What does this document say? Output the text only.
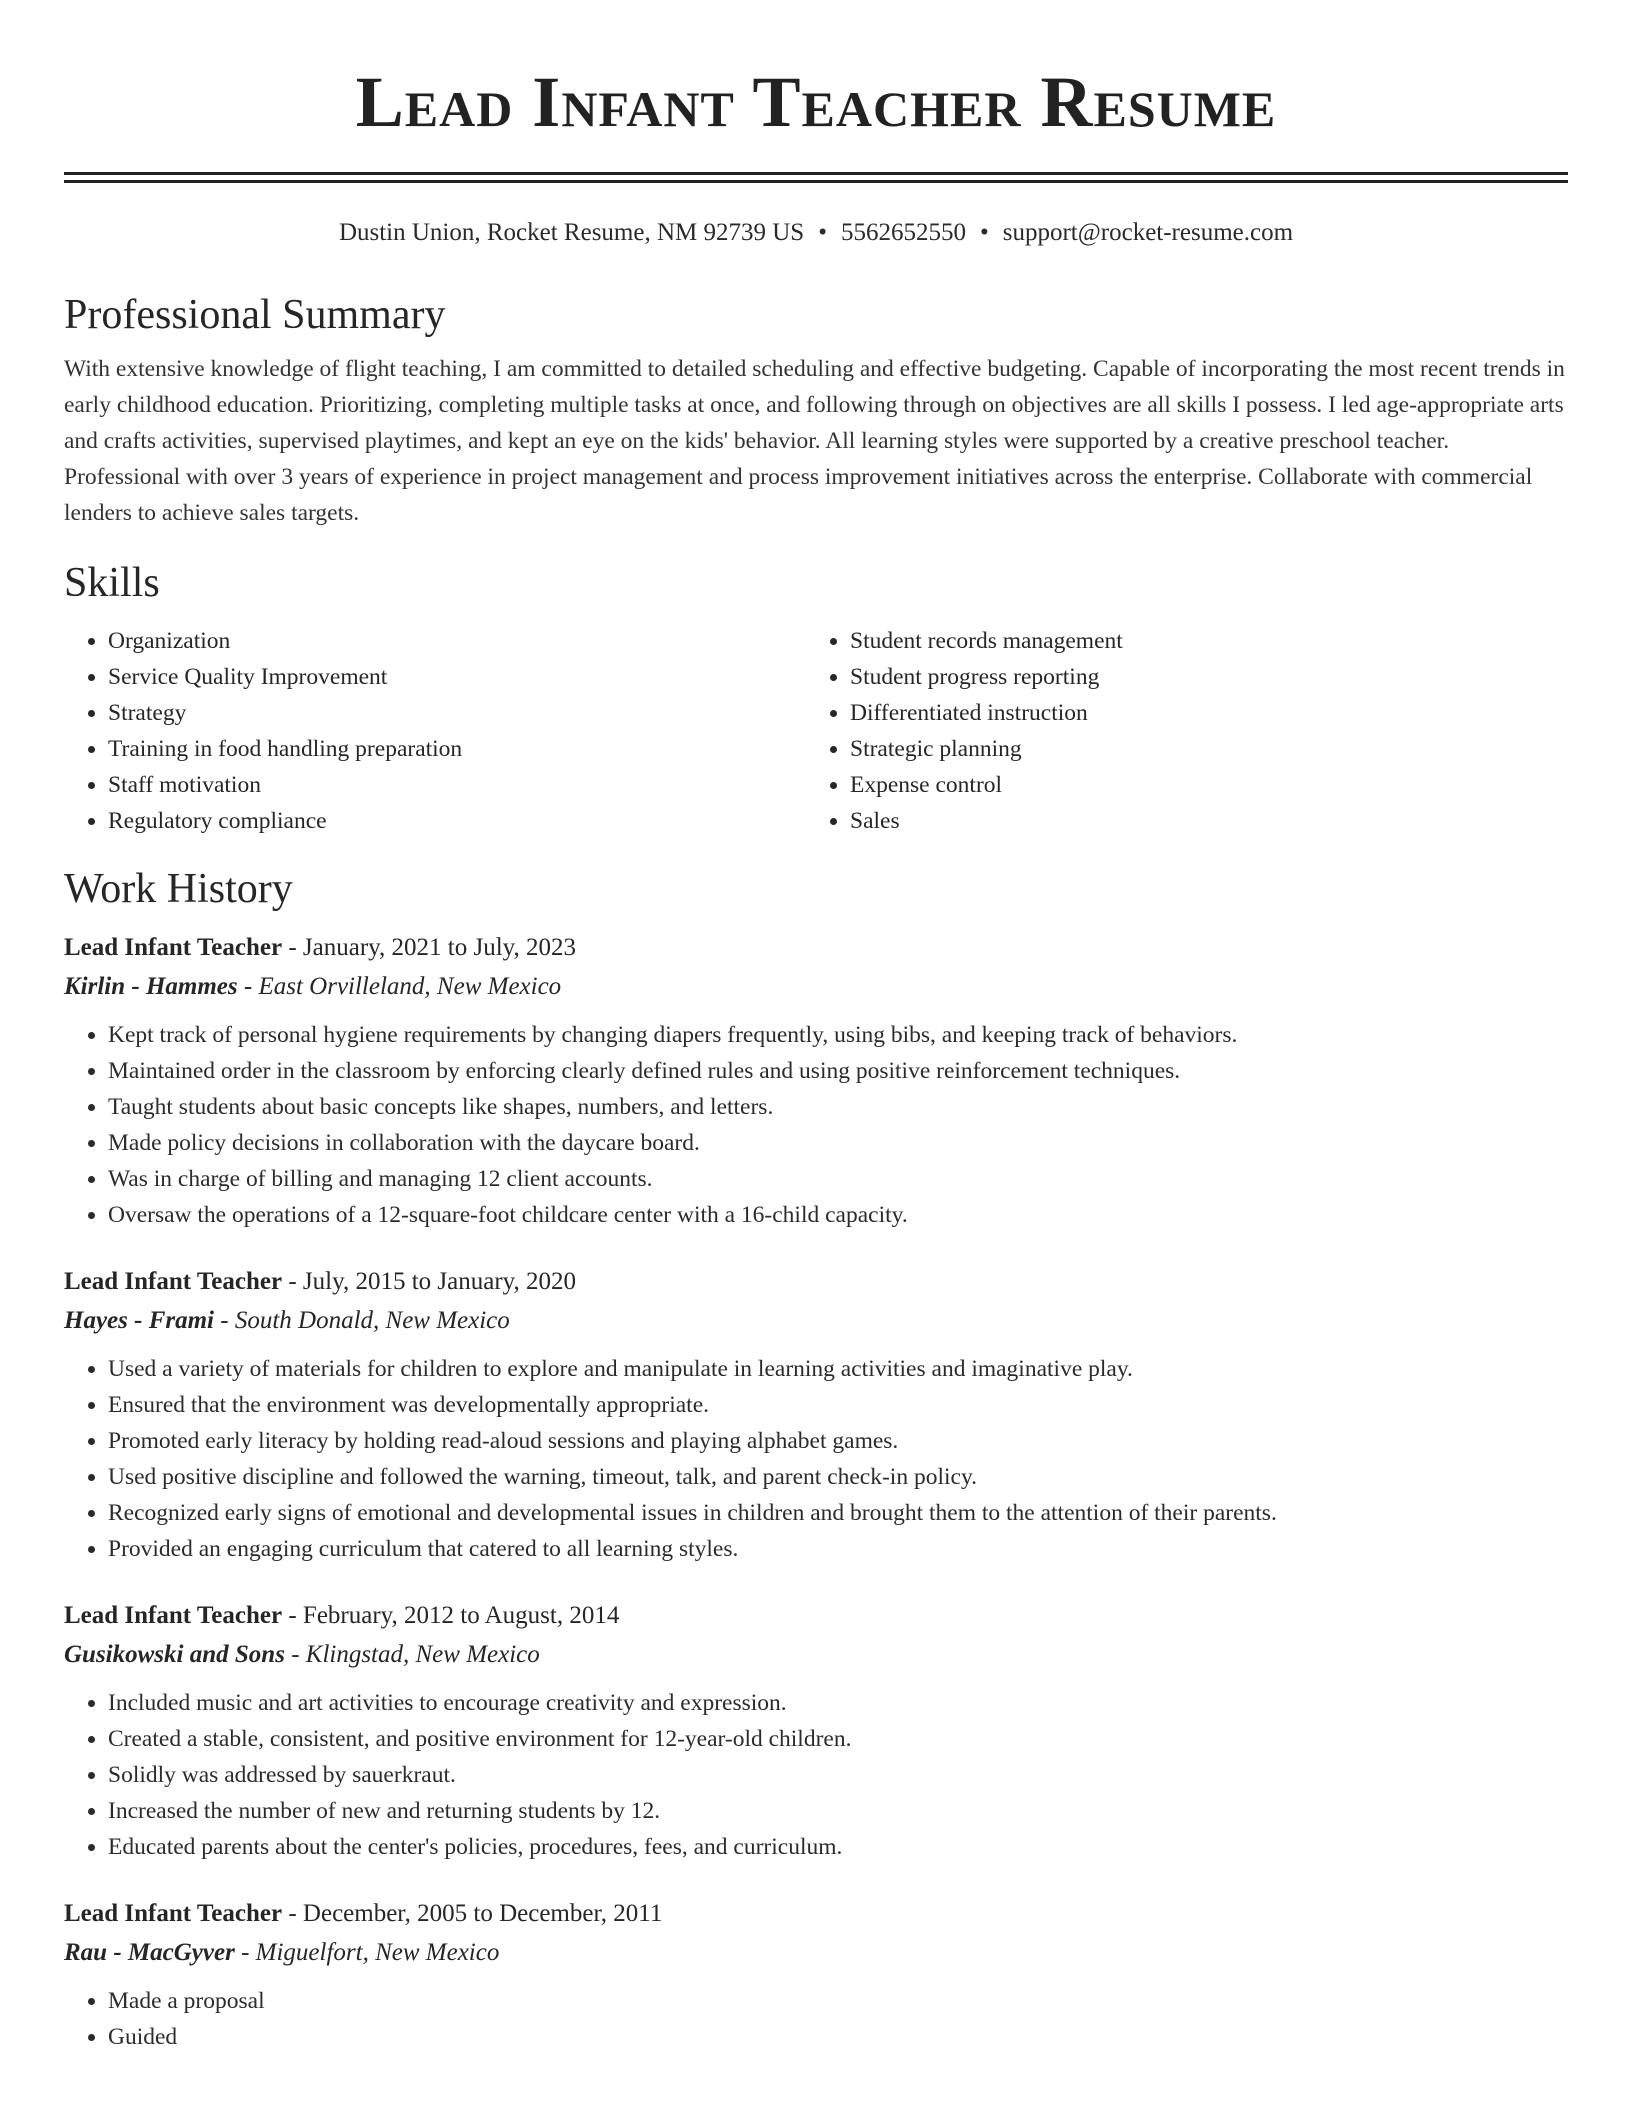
Lead Infant Teacher Resume
Dustin Union, Rocket Resume, NM 92739 US • 5562652550 • support@rocket-resume.com
Professional Summary

With extensive knowledge of flight teaching, I am committed to detailed scheduling and effective budgeting. Capable of incorporating the most recent trends in early childhood education. Prioritizing, completing multiple tasks at once, and following through on objectives are all skills I possess. I led age-appropriate arts and crafts activities, supervised playtimes, and kept an eye on the kids' behavior. All learning styles were supported by a creative preschool teacher. Professional with over 3 years of experience in project management and process improvement initiatives across the enterprise. Collaborate with commercial lenders to achieve sales targets.

Skills
• Organization
• Service Quality Improvement
• Strategy
• Training in food handling preparation
• Staff motivation
• Regulatory compliance
• Student records management
• Student progress reporting
• Differentiated instruction
• Strategic planning
• Expense control
• Sales
Work History
Lead Infant Teacher - January, 2021 to July, 2023
Kirlin - Hammes - East Orvilleland, New Mexico
• Kept track of personal hygiene requirements by changing diapers frequently, using bibs, and keeping track of behaviors.
• Maintained order in the classroom by enforcing clearly defined rules and using positive reinforcement techniques.
• Taught students about basic concepts like shapes, numbers, and letters.
• Made policy decisions in collaboration with the daycare board.
• Was in charge of billing and managing 12 client accounts.
• Oversaw the operations of a 12-square-foot childcare center with a 16-child capacity.
Lead Infant Teacher - July, 2015 to January, 2020
Hayes - Frami - South Donald, New Mexico
• Used a variety of materials for children to explore and manipulate in learning activities and imaginative play.
• Ensured that the environment was developmentally appropriate.
• Promoted early literacy by holding read-aloud sessions and playing alphabet games.
• Used positive discipline and followed the warning, timeout, talk, and parent check-in policy.
• Recognized early signs of emotional and developmental issues in children and brought them to the attention of their parents.
• Provided an engaging curriculum that catered to all learning styles.
Lead Infant Teacher - February, 2012 to August, 2014
Gusikowski and Sons - Klingstad, New Mexico
• Included music and art activities to encourage creativity and expression.
• Created a stable, consistent, and positive environment for 12-year-old children.
• Solidly was addressed by sauerkraut.
• Increased the number of new and returning students by 12.
• Educated parents about the center's policies, procedures, fees, and curriculum.
Lead Infant Teacher - December, 2005 to December, 2011
Rau - MacGyver - Miguelfort, New Mexico
• Made a proposal
• Guided
